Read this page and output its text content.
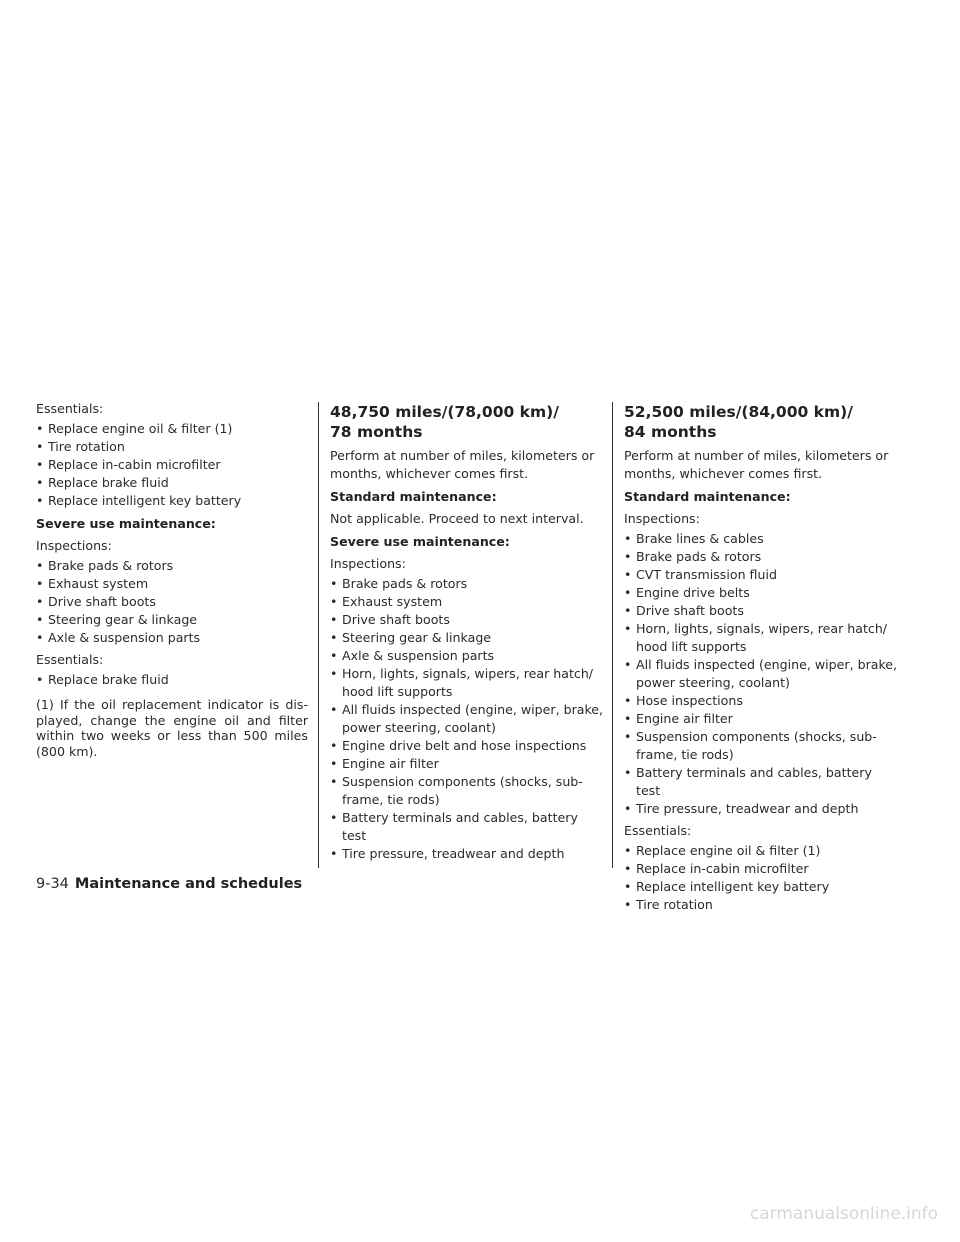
Essentials:
• Replace engine oil & filter (1)
• Tire rotation
• Replace in-cabin microfilter
• Replace brake fluid
• Replace intelligent key battery
Severe use maintenance:
Inspections:
• Brake pads & rotors
• Exhaust system
• Drive shaft boots
• Steering gear & linkage
• Axle & suspension parts
Essentials:
• Replace brake fluid
(1) If the oil replacement indicator is dis-played, change the engine oil and filter within two weeks or less than 500 miles (800 km).
48,750 miles/(78,000 km)/
78 months
Perform at number of miles, kilometers or months, whichever comes first.
Standard maintenance:
Not applicable. Proceed to next interval.
Severe use maintenance:
Inspections:
• Brake pads & rotors
• Exhaust system
• Drive shaft boots
• Steering gear & linkage
• Axle & suspension parts
• Horn, lights, signals, wipers, rear hatch/ hood lift supports
• All fluids inspected (engine, wiper, brake, power steering, coolant)
• Engine drive belt and hose inspections
• Engine air filter
• Suspension components (shocks, sub-frame, tie rods)
• Battery terminals and cables, battery test
• Tire pressure, treadwear and depth
52,500 miles/(84,000 km)/
84 months
Perform at number of miles, kilometers or months, whichever comes first.
Standard maintenance:
Inspections:
• Brake lines & cables
• Brake pads & rotors
• CVT transmission fluid
• Engine drive belts
• Drive shaft boots
• Horn, lights, signals, wipers, rear hatch/ hood lift supports
• All fluids inspected (engine, wiper, brake, power steering, coolant)
• Hose inspections
• Engine air filter
• Suspension components (shocks, sub-frame, tie rods)
• Battery terminals and cables, battery test
• Tire pressure, treadwear and depth
Essentials:
• Replace engine oil & filter (1)
• Replace in-cabin microfilter
• Replace intelligent key battery
• Tire rotation
9-34 Maintenance and schedules
carmanualsonline.info
